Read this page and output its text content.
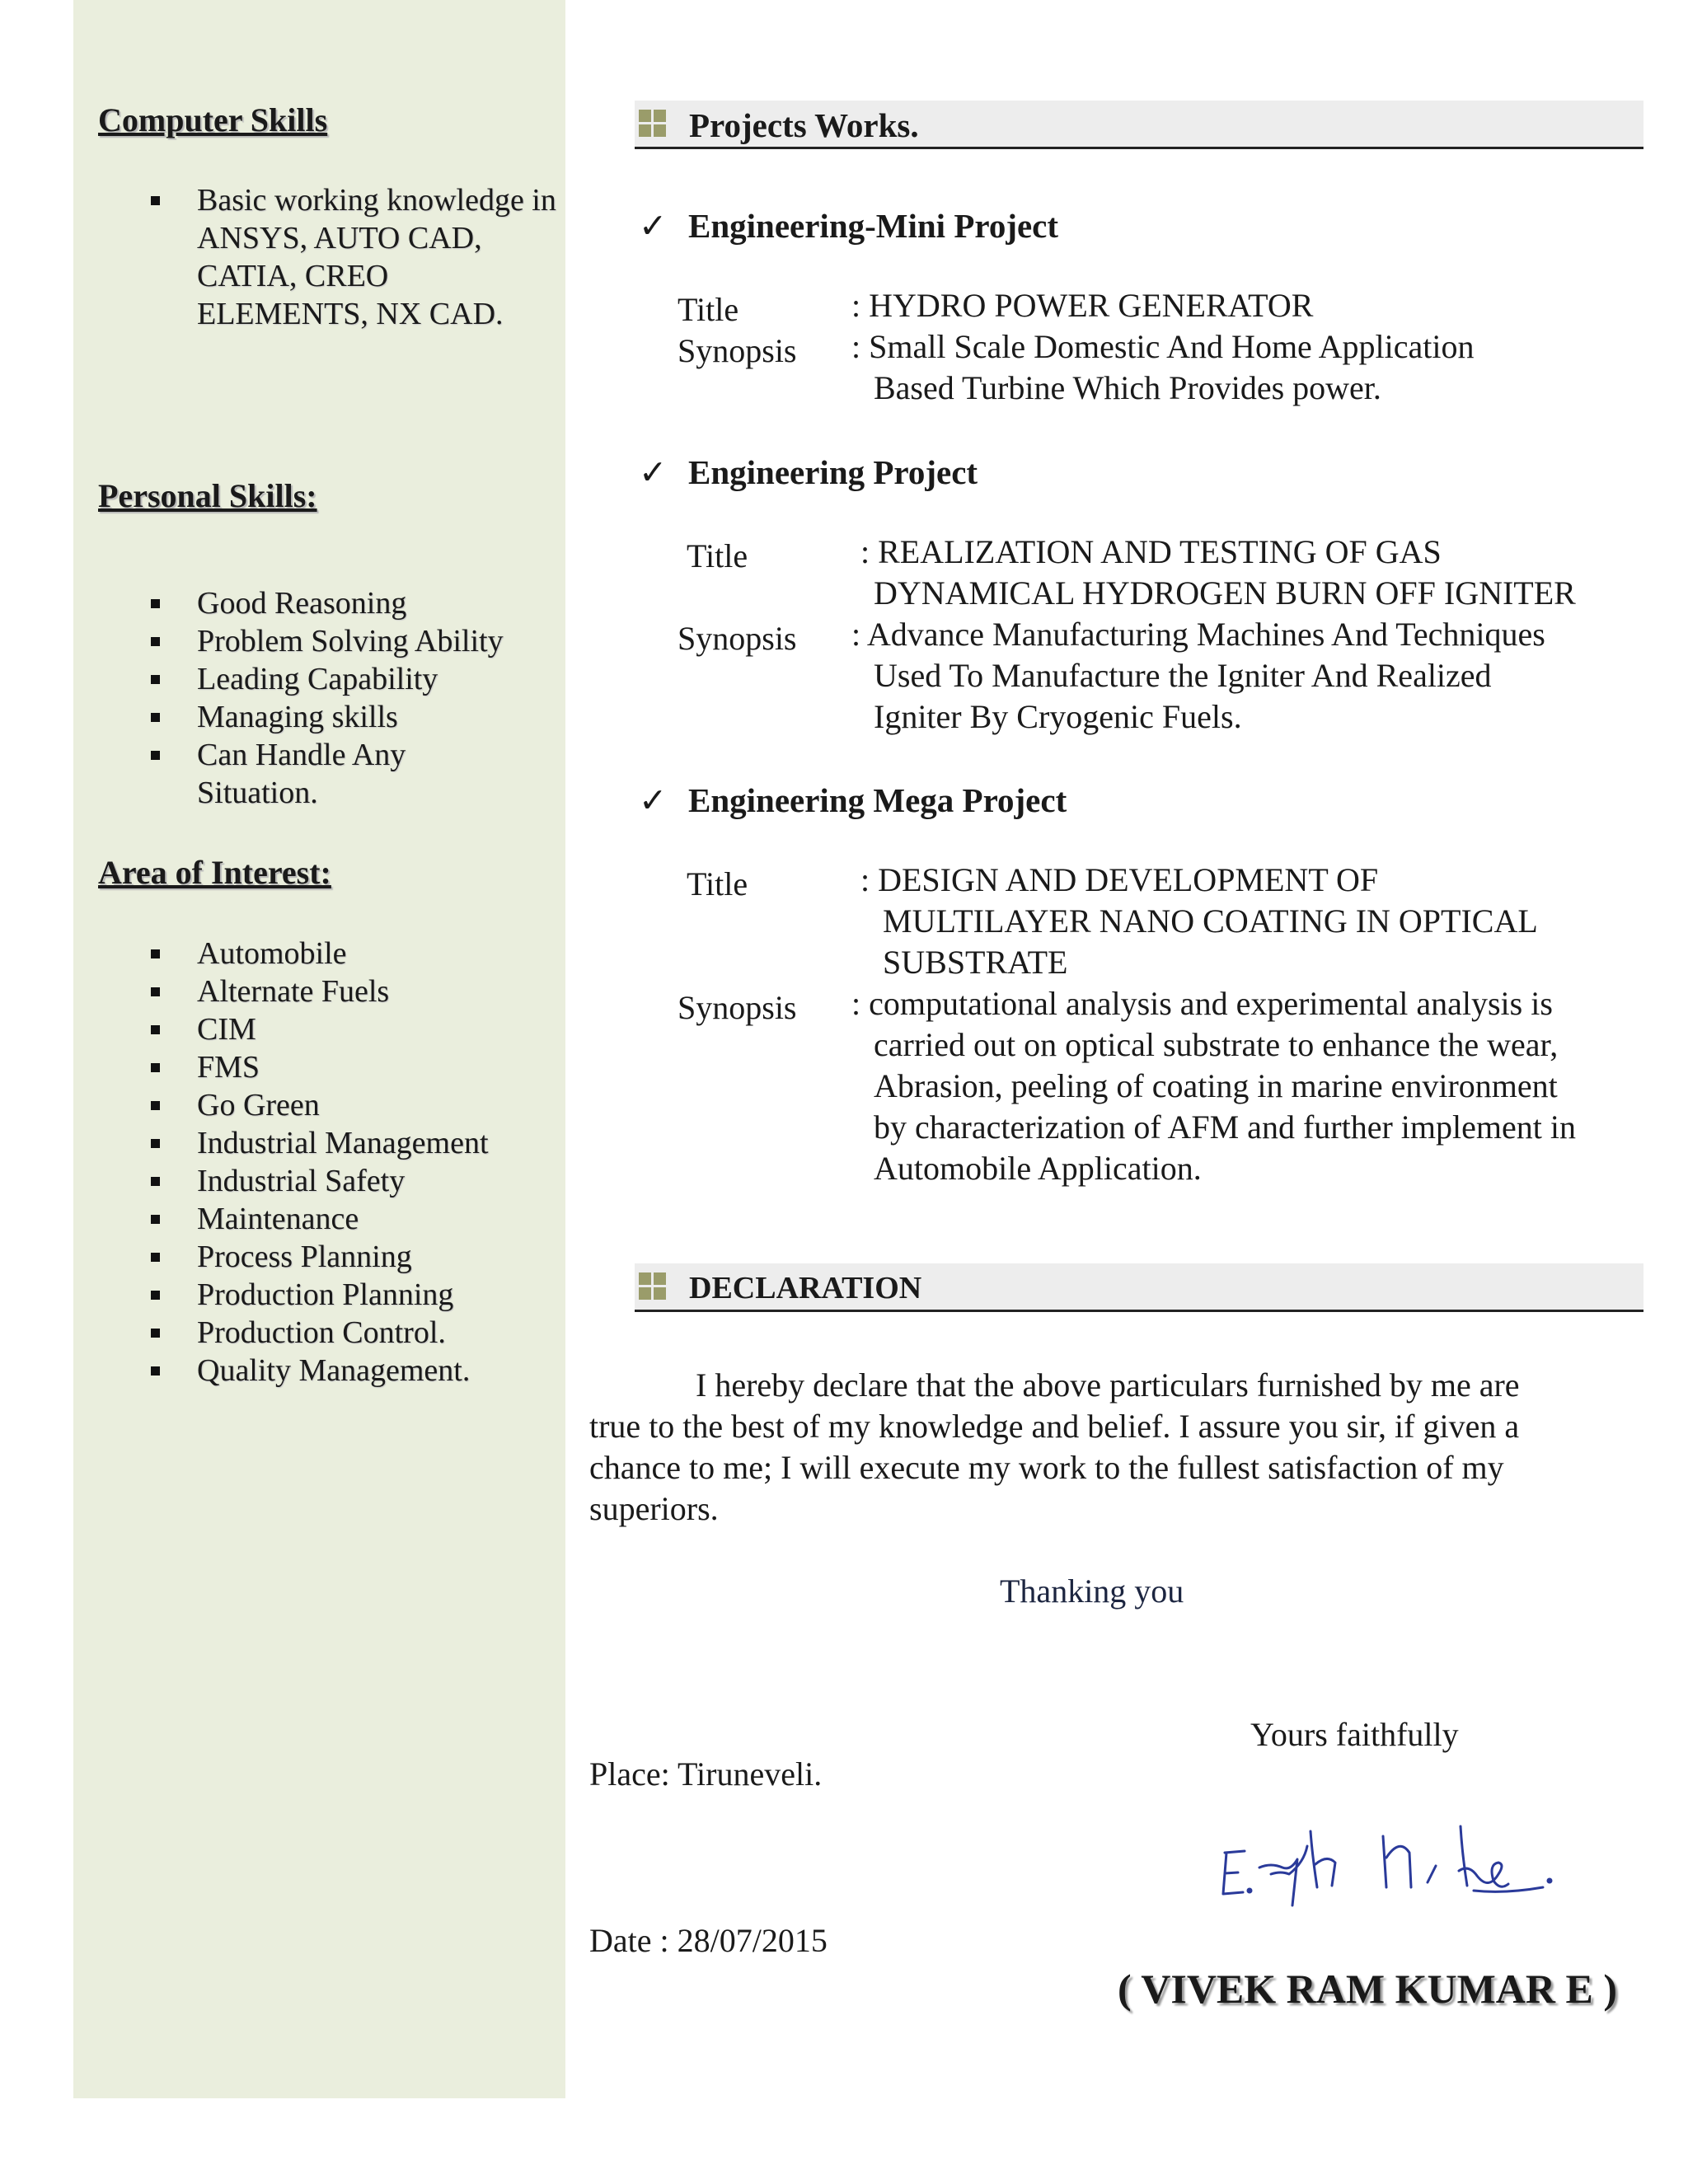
Computer Skills
Basic working knowledge in ANSYS, AUTO CAD, CATIA, CREO ELEMENTS, NX CAD.
Personal Skills:
Good Reasoning
Problem Solving Ability
Leading Capability
Managing skills
Can Handle Any Situation.
Area of Interest:
Automobile
Alternate Fuels
CIM
FMS
Go Green
Industrial Management
Industrial Safety
Maintenance
Process Planning
Production Planning
Production Control.
Quality Management.
Projects Works.
✓ Engineering-Mini Project
Title	: HYDRO POWER GENERATOR
Synopsis : Small Scale Domestic And Home Application
Based Turbine Which Provides power.
✓ Engineering Project
Title	: REALIZATION AND TESTING OF GAS
DYNAMICAL HYDROGEN BURN OFF IGNITER
Synopsis : Advance Manufacturing Machines And Techniques
Used To Manufacture the Igniter And Realized
Igniter By Cryogenic Fuels.
✓ Engineering Mega Project
Title	: DESIGN AND DEVELOPMENT OF
MULTILAYER NANO COATING IN OPTICAL
SUBSTRATE
Synopsis : computational analysis and experimental analysis is
carried out on optical substrate to enhance the wear,
Abrasion, peeling of coating in marine environment
by characterization of AFM and further implement in
Automobile Application.
DECLARATION
I hereby declare that the above particulars furnished by me are
true to the best of my knowledge and belief. I assure you sir, if given a
chance to me; I will execute my work to the fullest satisfaction of my
superiors.
Thanking you
Yours faithfully
Place: Tiruneveli.
Date : 28/07/2015
( VIVEK RAM KUMAR E )
